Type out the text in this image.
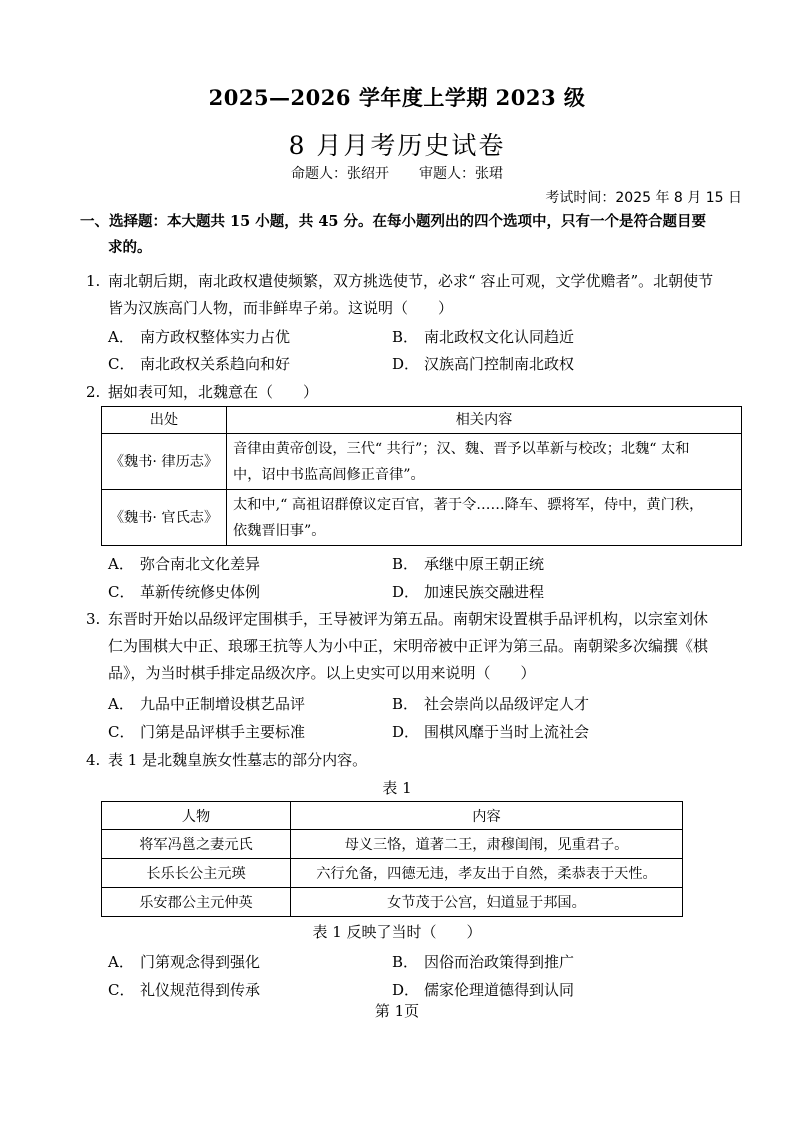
2025—2026 学年度上学期 2023 级
8 月月考历史试卷
命题人：张绍开 审题人：张珺
考试时间：2025 年 8 月 15 日
一、选择题：本大题共 15 小题，共 45 分。在每小题列出的四个选项中，只有一个是符合题目要
求的。
1. 南北朝后期，南北政权遣使频繁，双方挑选使节，必求“ 容止可观，文学优赡者”。北朝使节
皆为汉族高门人物，而非鲜卑子弟。这说明（　　）
A． 南方政权整体实力占优	B． 南北政权文化认同趋近
C． 南北政权关系趋向和好	D． 汉族高门控制南北政权
2. 据如表可知，北魏意在（　　）
出处	相关内容
《魏书· 律历志》	音律由黄帝创设，三代“ 共行”；汉、魏、晋予以革新与校改；北魏“ 太和
中，诏中书监高闾修正音律”。

《魏书· 官氏志》	太和中,“ 高祖诏群僚议定百官，著于令……降车、骠将军，侍中，黄门秩，
依魏晋旧事”。
A． 弥合南北文化差异	B． 承继中原王朝正统
C． 革新传统修史体例	D． 加速民族交融进程
3. 东晋时开始以品级评定围棋手，王导被评为第五品。南朝宋设置棋手品评机构，以宗室刘休
仁为围棋大中正、琅琊王抗等人为小中正，宋明帝被中正评为第三品。南朝梁多次编撰《棋
品》，为当时棋手排定品级次序。以上史实可以用来说明（　　）
A． 九品中正制增设棋艺品评	B． 社会崇尚以品级评定人才
C． 门第是品评棋手主要标准	D． 围棋风靡于当时上流社会
4. 表 1 是北魏皇族女性墓志的部分内容。
表 1
人物	内容
将军冯邕之妻元氏	母义三恪，道著二王，肃穆闺闱，见重君子。
长乐长公主元瑛	六行允备，四德无违，孝友出于自然，柔恭表于天性。
乐安郡公主元仲英	女节茂于公宫，妇道显于邦国。
表 1 反映了当时（　　）
A． 门第观念得到强化	B． 因俗而治政策得到推广
C． 礼仪规范得到传承	D． 儒家伦理道德得到认同
第 1页
